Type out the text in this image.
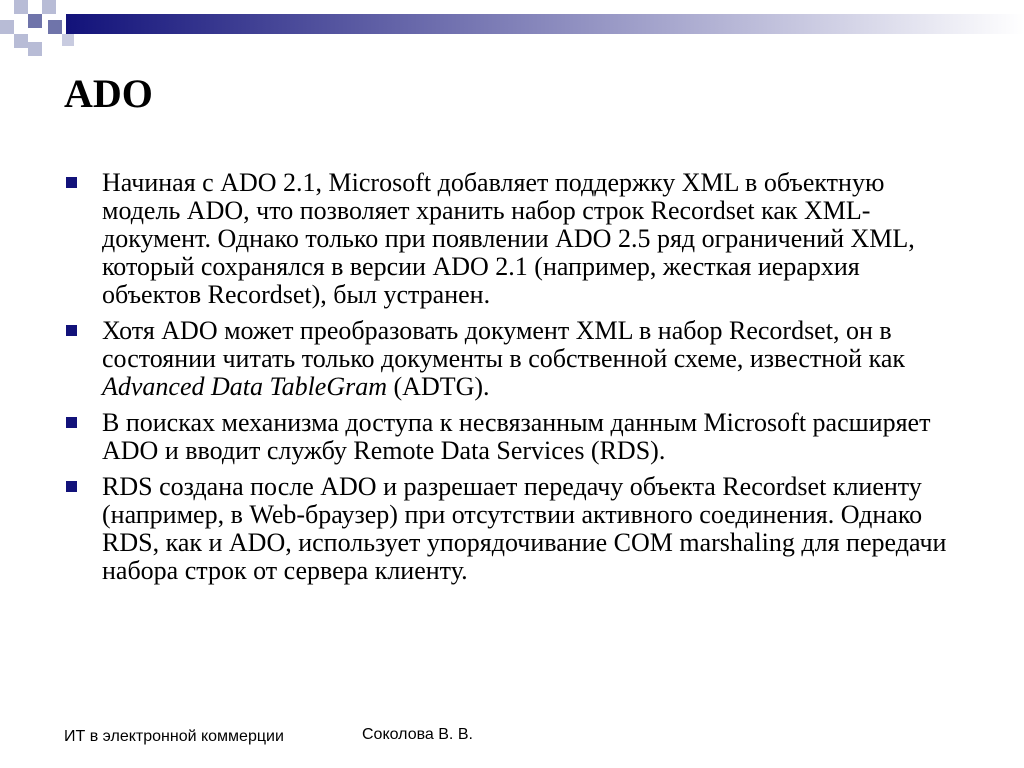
ADO
Начиная с ADO 2.1, Microsoft добавляет поддержку XML в объектную модель ADO, что позволяет хранить набор строк Recordset как XML-документ. Однако только при появлении ADO 2.5 ряд ограничений XML, который сохранялся в версии ADO 2.1 (например, жесткая иерархия объектов Recordset), был устранен.
Хотя ADO может преобразовать документ XML в набор Recordset, он в состоянии читать только документы в собственной схеме, известной как Advanced Data TableGram (ADTG).
В поисках механизма доступа к несвязанным данным Microsoft расширяет ADO и вводит службу Remote Data Services (RDS).
RDS создана после ADO и разрешает передачу объекта Recordset клиенту (например, в Web-браузер) при отсутствии активного соединения. Однако RDS, как и ADO, использует упорядочивание COM marshaling для передачи набора строк от сервера клиенту.
ИТ в электронной коммерции	Соколова В. В.
